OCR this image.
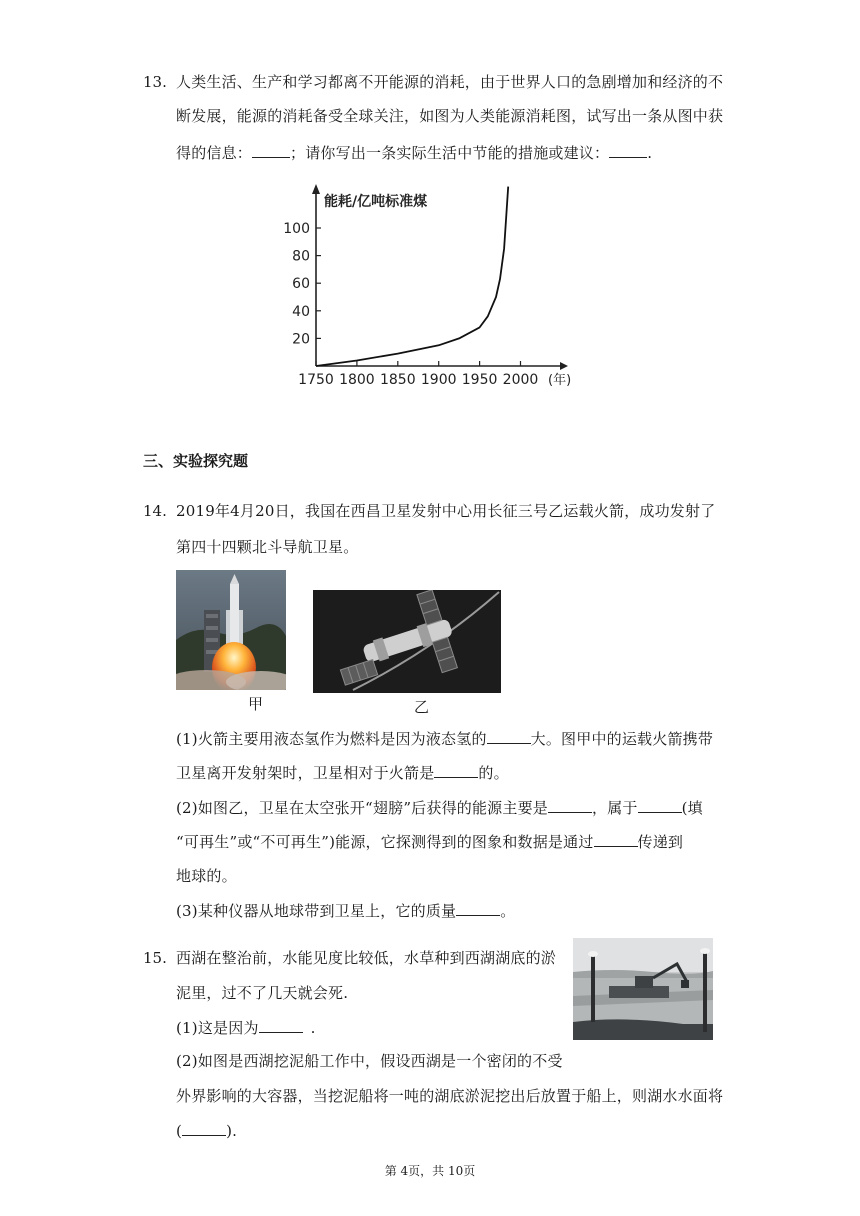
13. 人类生活、生产和学习都离不开能源的消耗，由于世界人口的急剧增加和经济的不
断发展，能源的消耗备受全球关注，如图为人类能源消耗图，试写出一条从图中获
得的信息：	；请你写出一条实际生活中节能的措施或建议：	.
能耗/亿吨标准煤
20
40
60
80
100
1750 1800 1850 1900 1950 2000 (年)
三、实验探究题
14. 2019年4月20日，我国在西昌卫星发射中心用长征三号乙运载火箭，成功发射了
第四十四颗北斗导航卫星。
甲	乙
(1)火箭主要用液态氢作为燃料是因为液态氢的	大。图甲中的运载火箭携带
卫星离开发射架时，卫星相对于火箭是	的。
(2)如图乙，卫星在太空张开“翅膀”后获得的能源主要是	，属于	(填
“可再生”或“不可再生”)能源，它探测得到的图象和数据是通过	传递到
地球的。
(3)某种仪器从地球带到卫星上，它的质量	。
15. 西湖在整治前，水能见度比较低，水草种到西湖湖底的淤
泥里，过不了几天就会死.
(1)这是因为	.
(2)如图是西湖挖泥船工作中，假设西湖是一个密闭的不受
外界影响的大容器，当挖泥船将一吨的湖底淤泥挖出后放置于船上，则湖水水面将
(	).
第 4页，共 10页
